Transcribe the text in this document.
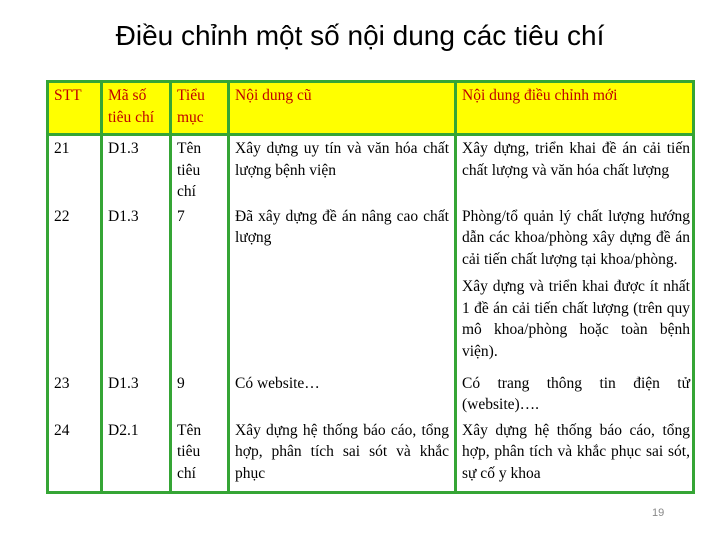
Điều chỉnh một số nội dung các tiêu chí
STT	Mã số tiêu chí	Tiểu mục	Nội dung cũ	Nội dung điều chỉnh mới
21	D1.3	Tên tiêu chí	Xây dựng uy tín và văn hóa chất lượng bệnh viện	Xây dựng, triển khai đề án cải tiến chất lượng và văn hóa chất lượng

22	D1.3	7	Đã xây dựng đề án nâng cao chất lượng	Phòng/tổ quản lý chất lượng hướng dẫn các khoa/phòng xây dựng đề án cải tiến chất lượng tại khoa/phòng.
Xây dựng và triển khai được ít nhất 1 đề án cải tiến chất lượng (trên quy mô khoa/phòng hoặc toàn bệnh viện).

23	D1.3	9	Có website…	Có trang thông tin điện tử (website)….

24	D2.1	Tên tiêu chí	Xây dựng hệ thống báo cáo, tổng hợp, phân tích sai sót và khắc phục	Xây dựng hệ thống báo cáo, tổng hợp, phân tích và khắc phục sai sót, sự cố y khoa
19
